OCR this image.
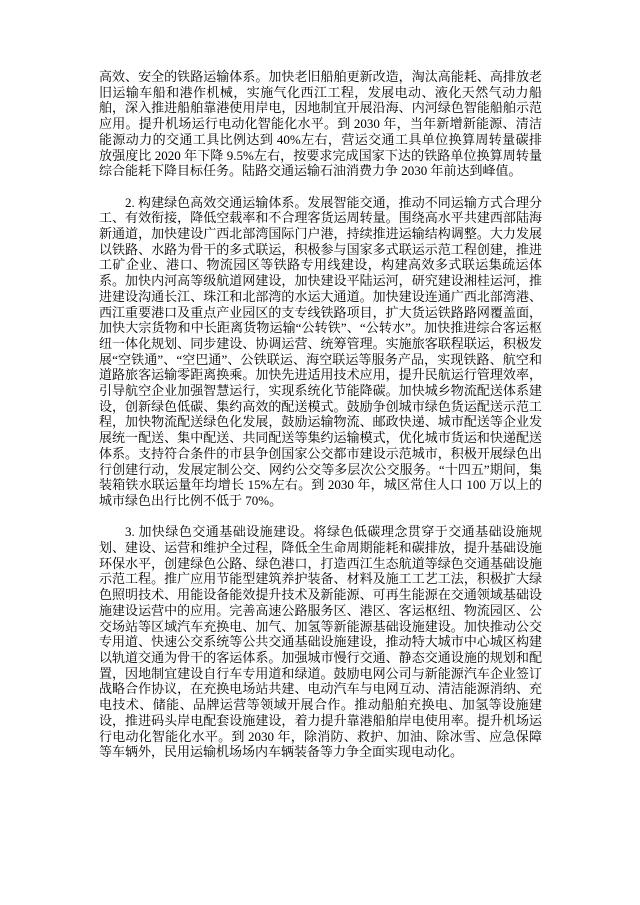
高效、安全的铁路运输体系。加快老旧船舶更新改造，淘汰高能耗、高排放老旧运输车船和港作机械，实施气化西江工程，发展电动、液化天然气动力船舶，深入推进船舶靠港使用岸电，因地制宜开展沿海、内河绿色智能船舶示范应用。提升机场运行电动化智能化水平。到 2030 年，当年新增新能源、清洁能源动力的交通工具比例达到 40%左右，营运交通工具单位换算周转量碳排放强度比 2020 年下降 9.5%左右，按要求完成国家下达的铁路单位换算周转量综合能耗下降目标任务。陆路交通运输石油消费力争 2030 年前达到峰值。

2. 构建绿色高效交通运输体系。发展智能交通，推动不同运输方式合理分工、有效衔接，降低空载率和不合理客货运周转量。围绕高水平共建西部陆海新通道，加快建设广西北部湾国际门户港，持续推进运输结构调整。大力发展以铁路、水路为骨干的多式联运，积极参与国家多式联运示范工程创建，推进工矿企业、港口、物流园区等铁路专用线建设，构建高效多式联运集疏运体系。加快内河高等级航道网建设，加快建设平陆运河，研究建设湘桂运河，推进建设沟通长江、珠江和北部湾的水运大通道。加快建设连通广西北部湾港、西江重要港口及重点产业园区的支专线铁路项目，扩大货运铁路路网覆盖面，加快大宗货物和中长距离货物运输“公转铁”、“公转水”。加快推进综合客运枢纽一体化规划、同步建设、协调运营、统筹管理。实施旅客联程联运，积极发展“空铁通”、“空巴通”、公铁联运、海空联运等服务产品，实现铁路、航空和道路旅客运输零距离换乘。加快先进适用技术应用，提升民航运行管理效率，引导航空企业加强智慧运行，实现系统化节能降碳。加快城乡物流配送体系建设，创新绿色低碳、集约高效的配送模式。鼓励争创城市绿色货运配送示范工程，加快物流配送绿色化发展，鼓励运输物流、邮政快递、城市配送等企业发展统一配送、集中配送、共同配送等集约运输模式，优化城市货运和快递配送体系。支持符合条件的市县争创国家公交都市建设示范城市，积极开展绿色出行创建行动，发展定制公交、网约公交等多层次公交服务。“十四五”期间，集装箱铁水联运量年均增长 15%左右。到 2030 年，城区常住人口 100 万以上的城市绿色出行比例不低于 70%。

3. 加快绿色交通基础设施建设。将绿色低碳理念贯穿于交通基础设施规划、建设、运营和维护全过程，降低全生命周期能耗和碳排放，提升基础设施环保水平，创建绿色公路、绿色港口，打造西江生态航道等绿色交通基础设施示范工程。推广应用节能型建筑养护装备、材料及施工工艺工法，积极扩大绿色照明技术、用能设备能效提升技术及新能源、可再生能源在交通领域基础设施建设运营中的应用。完善高速公路服务区、港区、客运枢纽、物流园区、公交场站等区域汽车充换电、加气、加氢等新能源基础设施建设。加快推动公交专用道、快速公交系统等公共交通基础设施建设，推动特大城市中心城区构建以轨道交通为骨干的客运体系。加强城市慢行交通、静态交通设施的规划和配置，因地制宜建设自行车专用道和绿道。鼓励电网公司与新能源汽车企业签订战略合作协议，在充换电场站共建、电动汽车与电网互动、清洁能源消纳、充电技术、储能、品牌运营等领域开展合作。推动船舶充换电、加氢等设施建设，推进码头岸电配套设施建设，着力提升靠港船舶岸电使用率。提升机场运行电动化智能化水平。到 2030 年，除消防、救护、加油、除冰雪、应急保障等车辆外，民用运输机场场内车辆装备等力争全面实现电动化。
